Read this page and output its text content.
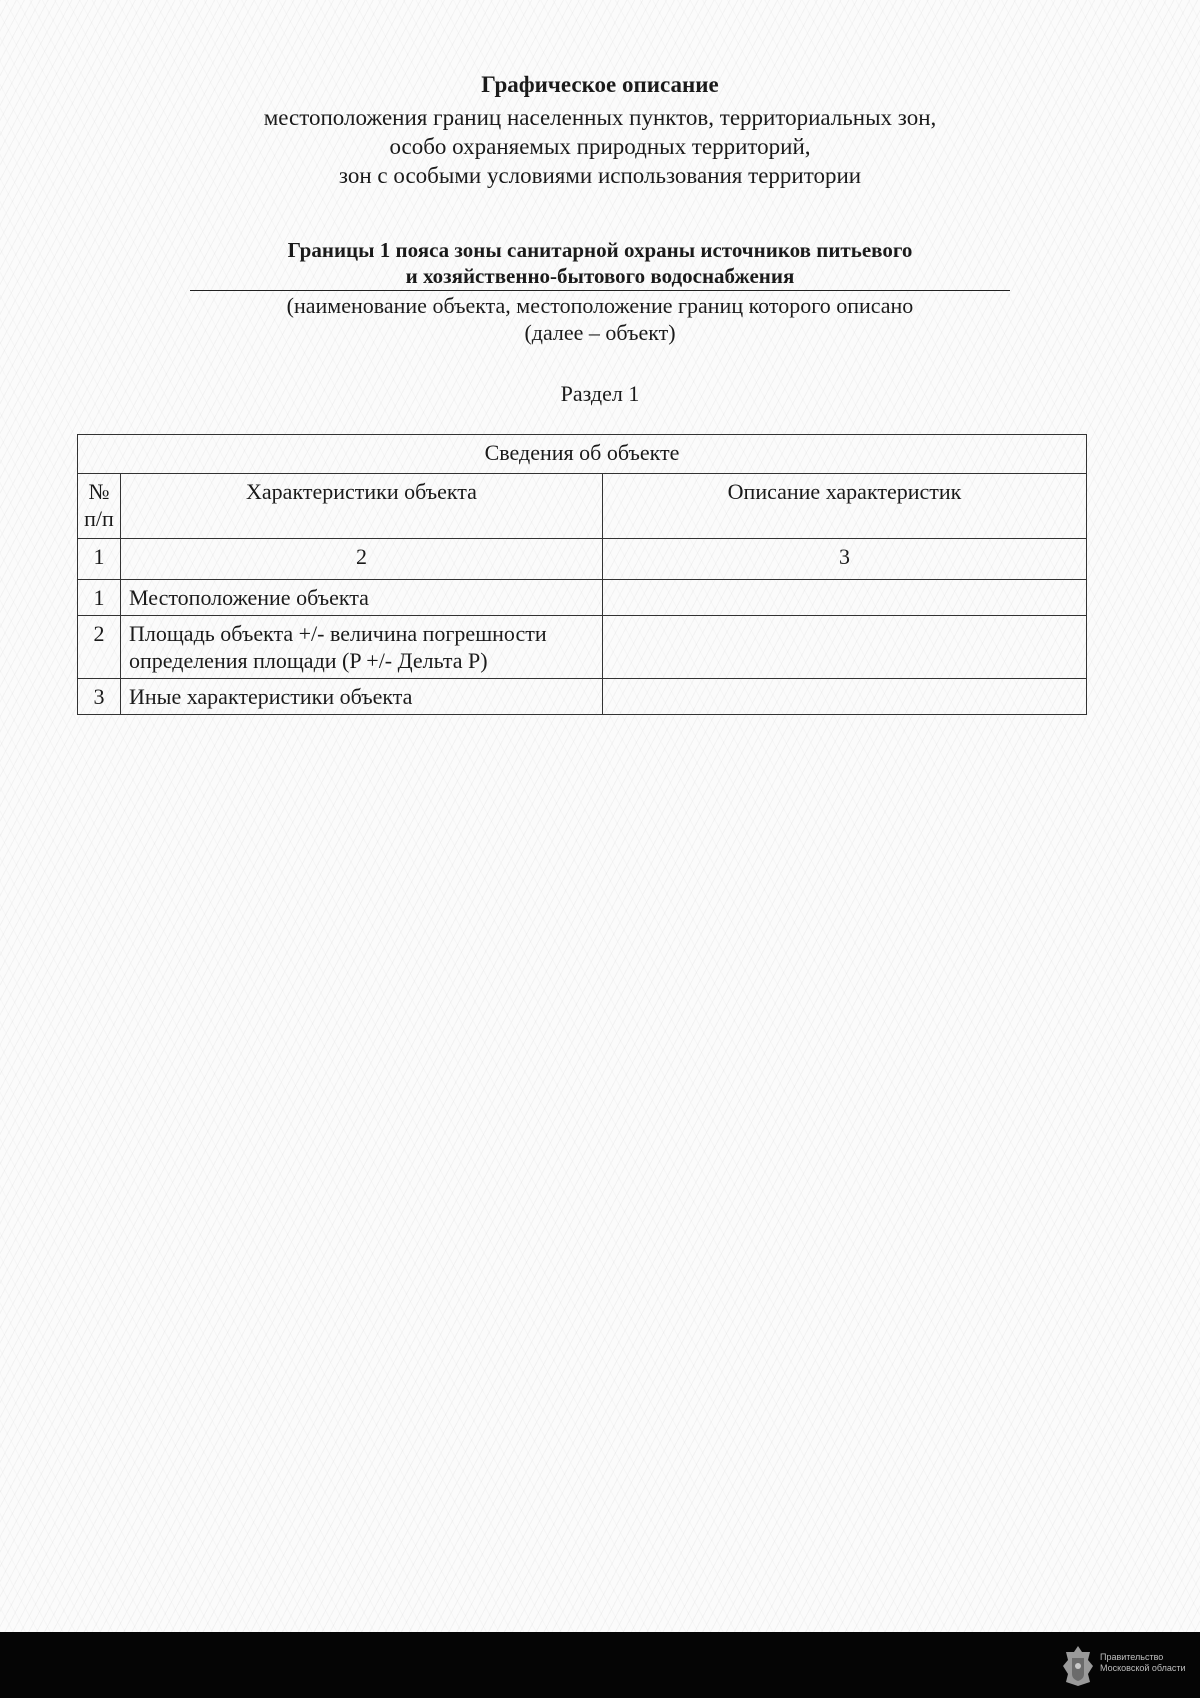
Графическое описание
местоположения границ населенных пунктов, территориальных зон,
особо охраняемых природных территорий,
зон с особыми условиями использования территории
Границы 1 пояса зоны санитарной охраны источников питьевого
и хозяйственно-бытового водоснабжения
(наименование объекта, местоположение границ которого описано
(далее – объект)
Раздел 1
Сведения об объекте		
№ п/п	Характеристики объекта	Описание характеристик
1	2	3
1	Местоположение объекта	
2	Площадь объекта +/- величина погрешности определения площади (P +/- Дельта P)	
3	Иные характеристики объекта	
Правительство
Московской области
